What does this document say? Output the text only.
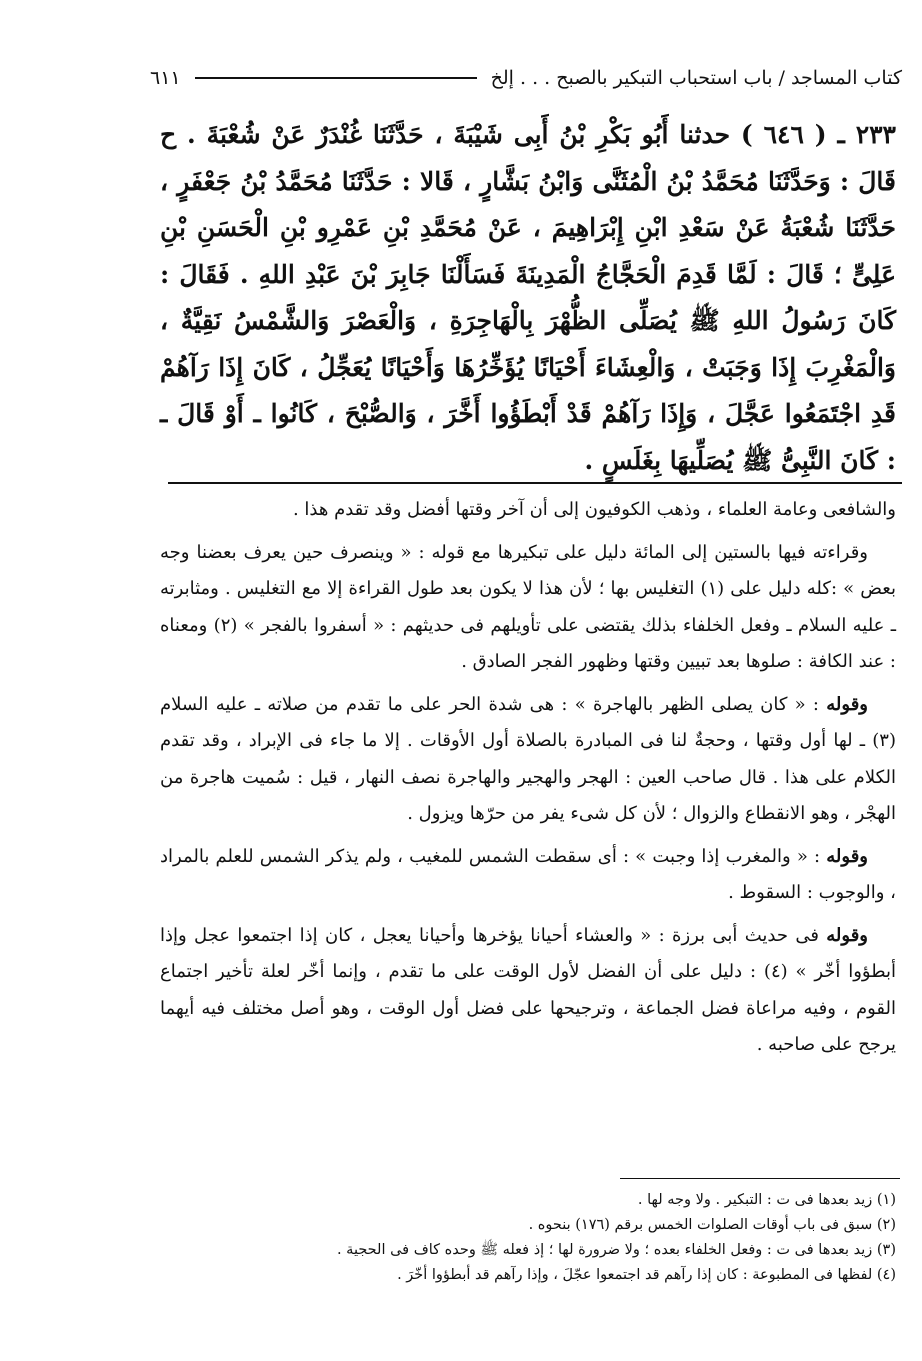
كتاب المساجد / باب استحباب التبكير بالصبح . . . إلخ
٦١١
٢٣٣ ـ ( ٦٤٦ ) حدثنا أَبُو بَكْرِ بْنُ أَبِى شَيْبَةَ ، حَدَّثَنَا غُنْدَرٌ عَنْ شُعْبَةَ . ح قَالَ : وَحَدَّثَنَا مُحَمَّدُ بْنُ الْمُثَنَّى وَابْنُ بَشَّارٍ ، قَالا : حَدَّثَنَا مُحَمَّدُ بْنُ جَعْفَرٍ ، حَدَّثَنَا شُعْبَةُ عَنْ سَعْدِ ابْنِ إِبْرَاهِيمَ ، عَنْ مُحَمَّدِ بْنِ عَمْرِو بْنِ الْحَسَنِ بْنِ عَلِىٍّ ؛ قَالَ : لَمَّا قَدِمَ الْحَجَّاجُ الْمَدِينَةَ فَسَأَلْنَا جَابِرَ بْنَ عَبْدِ اللهِ . فَقَالَ : كَانَ رَسُولُ اللهِ ﷺ يُصَلِّى الظُّهْرَ بِالْهَاجِرَةِ ، وَالْعَصْرَ وَالشَّمْسُ نَقِيَّةٌ ، وَالْمَغْرِبَ إِذَا وَجَبَتْ ، وَالْعِشَاءَ أَحْيَانًا يُؤَخِّرُهَا وَأَحْيَانًا يُعَجِّلُ ، كَانَ إِذَا رَآهُمْ قَدِ اجْتَمَعُوا عَجَّلَ ، وَإِذَا رَآهُمْ قَدْ أَبْطَؤُوا أَخَّرَ ، وَالصُّبْحَ ، كَانُوا ـ أَوْ قَالَ ـ : كَانَ النَّبِىُّ ﷺ يُصَلِّيهَا بِغَلَسٍ .

والشافعى وعامة العلماء ، وذهب الكوفيون إلى أن آخر وقتها أفضل وقد تقدم هذا .

وقراءته فيها بالستين إلى المائة دليل على تبكيرها مع قوله : « وينصرف حين يعرف بعضنا وجه بعض » :كله دليل على (١) التغليس بها ؛ لأن هذا لا يكون بعد طول القراءة إلا مع التغليس . ومثابرته ـ عليه السلام ـ وفعل الخلفاء بذلك يقتضى على تأويلهم فى حديثهم : « أسفروا بالفجر » (٢) ومعناه : عند الكافة : صلوها بعد تبيين وقتها وظهور الفجر الصادق .

وقوله : « كان يصلى الظهر بالهاجرة » : هى شدة الحر على ما تقدم من صلاته ـ عليه السلام (٣) ـ لها أول وقتها ، وحجةٌ لنا فى المبادرة بالصلاة أول الأوقات . إلا ما جاء فى الإبراد ، وقد تقدم الكلام على هذا . قال صاحب العين : الهجر والهجير والهاجرة نصف النهار ، قيل : سُميت هاجرة من الهجْر ، وهو الانقطاع والزوال ؛ لأن كل شىء يفر من حرّها ويزول .

وقوله : « والمغرب إذا وجبت » : أى سقطت الشمس للمغيب ، ولم يذكر الشمس للعلم بالمراد ، والوجوب : السقوط .

وقوله فى حديث أبى برزة : « والعشاء أحيانا يؤخرها وأحيانا يعجل ، كان إذا اجتمعوا عجل وإذا أبطؤوا أخّر » (٤) : دليل على أن الفضل لأول الوقت على ما تقدم ، وإنما أخّر لعلة تأخير اجتماع القوم ، وفيه مراعاة فضل الجماعة ، وترجيحها على فضل أول الوقت ، وهو أصل مختلف فيه أيهما يرجح على صاحبه .

(١) زيد بعدها فى ت : التبكير . ولا وجه لها .

(٢) سبق فى باب أوقات الصلوات الخمس برقم (١٧٦) بنحوه .

(٣) زيد بعدها فى ت : وفعل الخلفاء بعده ؛ ولا ضرورة لها ؛ إذ فعله ﷺ وحده كاف فى الحجية .

(٤) لفظها فى المطبوعة : كان إذا رآهم قد اجتمعوا عجّلَ ، وإذا رآهم قد أبطؤوا أخّرَ .
